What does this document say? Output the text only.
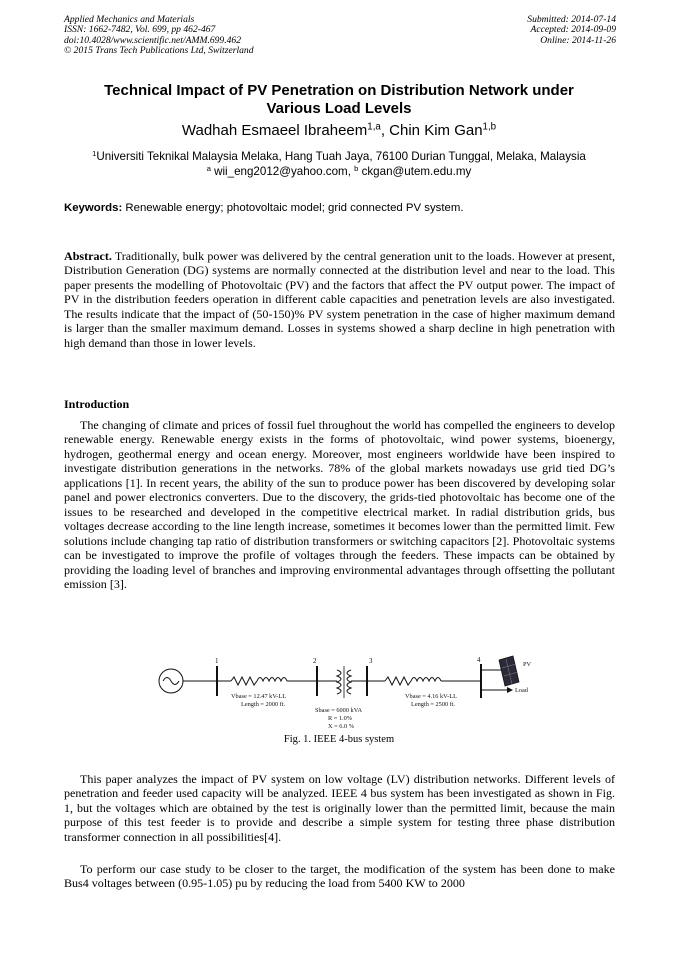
Applied Mechanics and Materials
ISSN: 1662-7482, Vol. 699, pp 462-467
doi:10.4028/www.scientific.net/AMM.699.462
© 2015 Trans Tech Publications Ltd, Switzerland
Submitted: 2014-07-14
Accepted: 2014-09-09
Online: 2014-11-26
Technical Impact of PV Penetration on Distribution Network under
Various Load Levels
Wadhah Esmaeel Ibraheem$^{1,a}$, Chin Kim Gan$^{1,b}$
$^1$Universiti Teknikal Malaysia Melaka, Hang Tuah Jaya, 76100 Durian Tunggal, Melaka, Malaysia
$^a$ wii_eng2012@yahoo.com, $^b$ ckgan@utem.edu.my
Keywords: Renewable energy; photovoltaic model; grid connected PV system.
Abstract. Traditionally, bulk power was delivered by the central generation unit to the loads. However at present, Distribution Generation (DG) systems are normally connected at the distribution level and near to the load. This paper presents the modelling of Photovoltaic (PV) and the factors that affect the PV output power. The impact of PV in the distribution feeders operation in different cable capacities and penetration levels are also investigated. The results indicate that the impact of (50-150)% PV system penetration in the case of higher maximum demand is larger than the smaller maximum demand. Losses in systems showed a sharp decline in high penetration with high demand than those in lower levels.
Introduction
The changing of climate and prices of fossil fuel throughout the world has compelled the engineers to develop renewable energy. Renewable energy exists in the forms of photovoltaic, wind power systems, bioenergy, hydrogen, geothermal energy and ocean energy. Moreover, most engineers worldwide have been inspired to investigate distribution generations in the networks. 78% of the global markets nowadays use grid tied DG’s applications [1]. In recent years, the ability of the sun to produce power has been discovered by developing solar panel and power electronics converters. Due to the discovery, the grids-tied photovoltaic has become one of the issues to be researched and developed in the competitive electrical market. In radial distribution grids, bus voltages decrease according to the line length increase, sometimes it becomes lower than the permitted limit. Few solutions include changing tap ratio of distribution transformers or switching capacitors [2]. Photovoltaic systems can be investigated to improve the profile of voltages through the feeders. These impacts can be obtained by providing the loading level of branches and improving environmental advantages through offsetting the pollutant emission [3].
1
Vbase = 12.47 kV-LL
Length = 2000 ft.
2
Sbase = 6000 kVA
R = 1.0%
X = 6.0 %
3
Vbase = 4.16 kV-LL
Length = 2500 ft.
4
PV
Load
Fig. 1. IEEE 4-bus system
This paper analyzes the impact of PV system on low voltage (LV) distribution networks. Different levels of penetration and feeder used capacity will be analyzed. IEEE 4 bus system has been investigated as shown in Fig. 1, but the voltages which are obtained by the test is originally lower than the permitted limit, because the main purpose of this test feeder is to provide and describe a simple system for testing three phase distribution transformer connection in all possibilities[4].
To perform our case study to be closer to the target, the modification of the system has been done to make Bus4 voltages between (0.95-1.05) pu by reducing the load from 5400 KW to 2000
